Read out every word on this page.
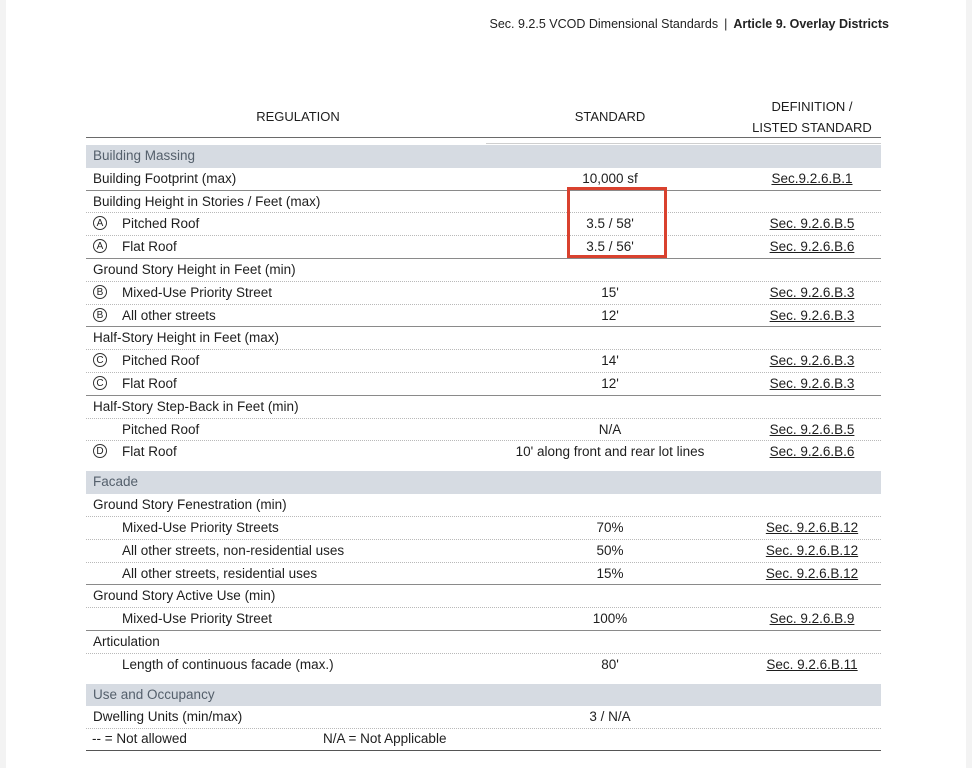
Sec. 9.2.5 VCOD Dimensional Standards | Article 9. Overlay Districts
REGULATION	STANDARD
DEFINITION /
LISTED STANDARD
Building Massing
Building Footprint (max)	10,000 sf	Sec.9.2.6.B.1
Building Height in Stories / Feet (max)
A Pitched Roof	3.5 / 58'	Sec. 9.2.6.B.5
A Flat Roof	3.5 / 56'	Sec. 9.2.6.B.6
Ground Story Height in Feet (min)
B Mixed-Use Priority Street	15'	Sec. 9.2.6.B.3
B All other streets	12'	Sec. 9.2.6.B.3
Half-Story Height in Feet (max)
C Pitched Roof	14'	Sec. 9.2.6.B.3
C Flat Roof	12'	Sec. 9.2.6.B.3
Half-Story Step-Back in Feet (min)
Pitched Roof	N/A	Sec. 9.2.6.B.5
D Flat Roof	10' along front and rear lot lines	Sec. 9.2.6.B.6
Facade
Ground Story Fenestration (min)
Mixed-Use Priority Streets	70%	Sec. 9.2.6.B.12
All other streets, non-residential uses	50%	Sec. 9.2.6.B.12
All other streets, residential uses	15%	Sec. 9.2.6.B.12
Ground Story Active Use (min)
Mixed-Use Priority Street	100%	Sec. 9.2.6.B.9
Articulation
Length of continuous facade (max.)	80'	Sec. 9.2.6.B.11
Use and Occupancy
Dwelling Units (min/max)	3 / N/A
-- = Not allowed	N/A = Not Applicable
